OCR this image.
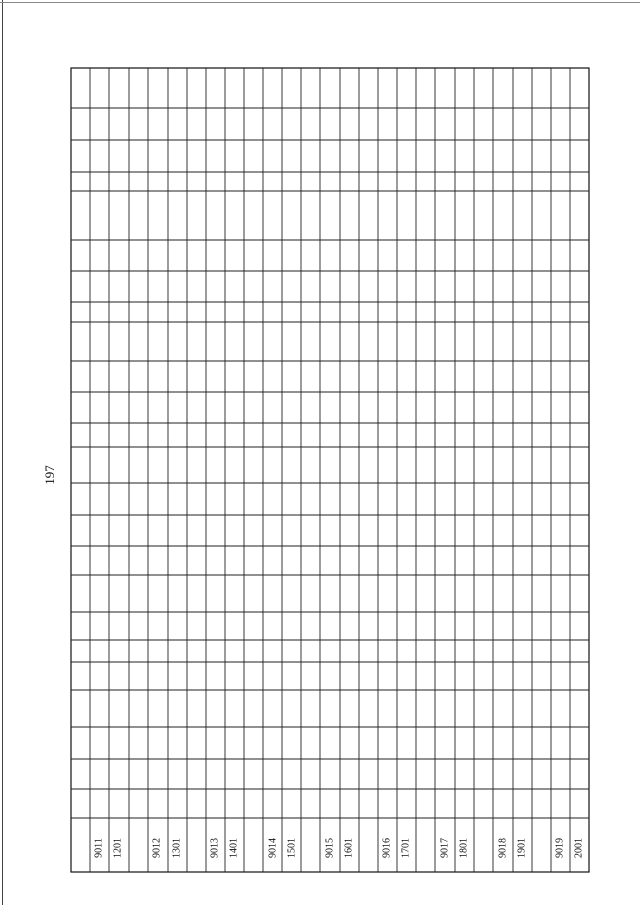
197
9011 1201	9012 1301	9013 1401	9014 1501	9015 1601	9016 1701	9017 1801	9018 1901	9019 2001
